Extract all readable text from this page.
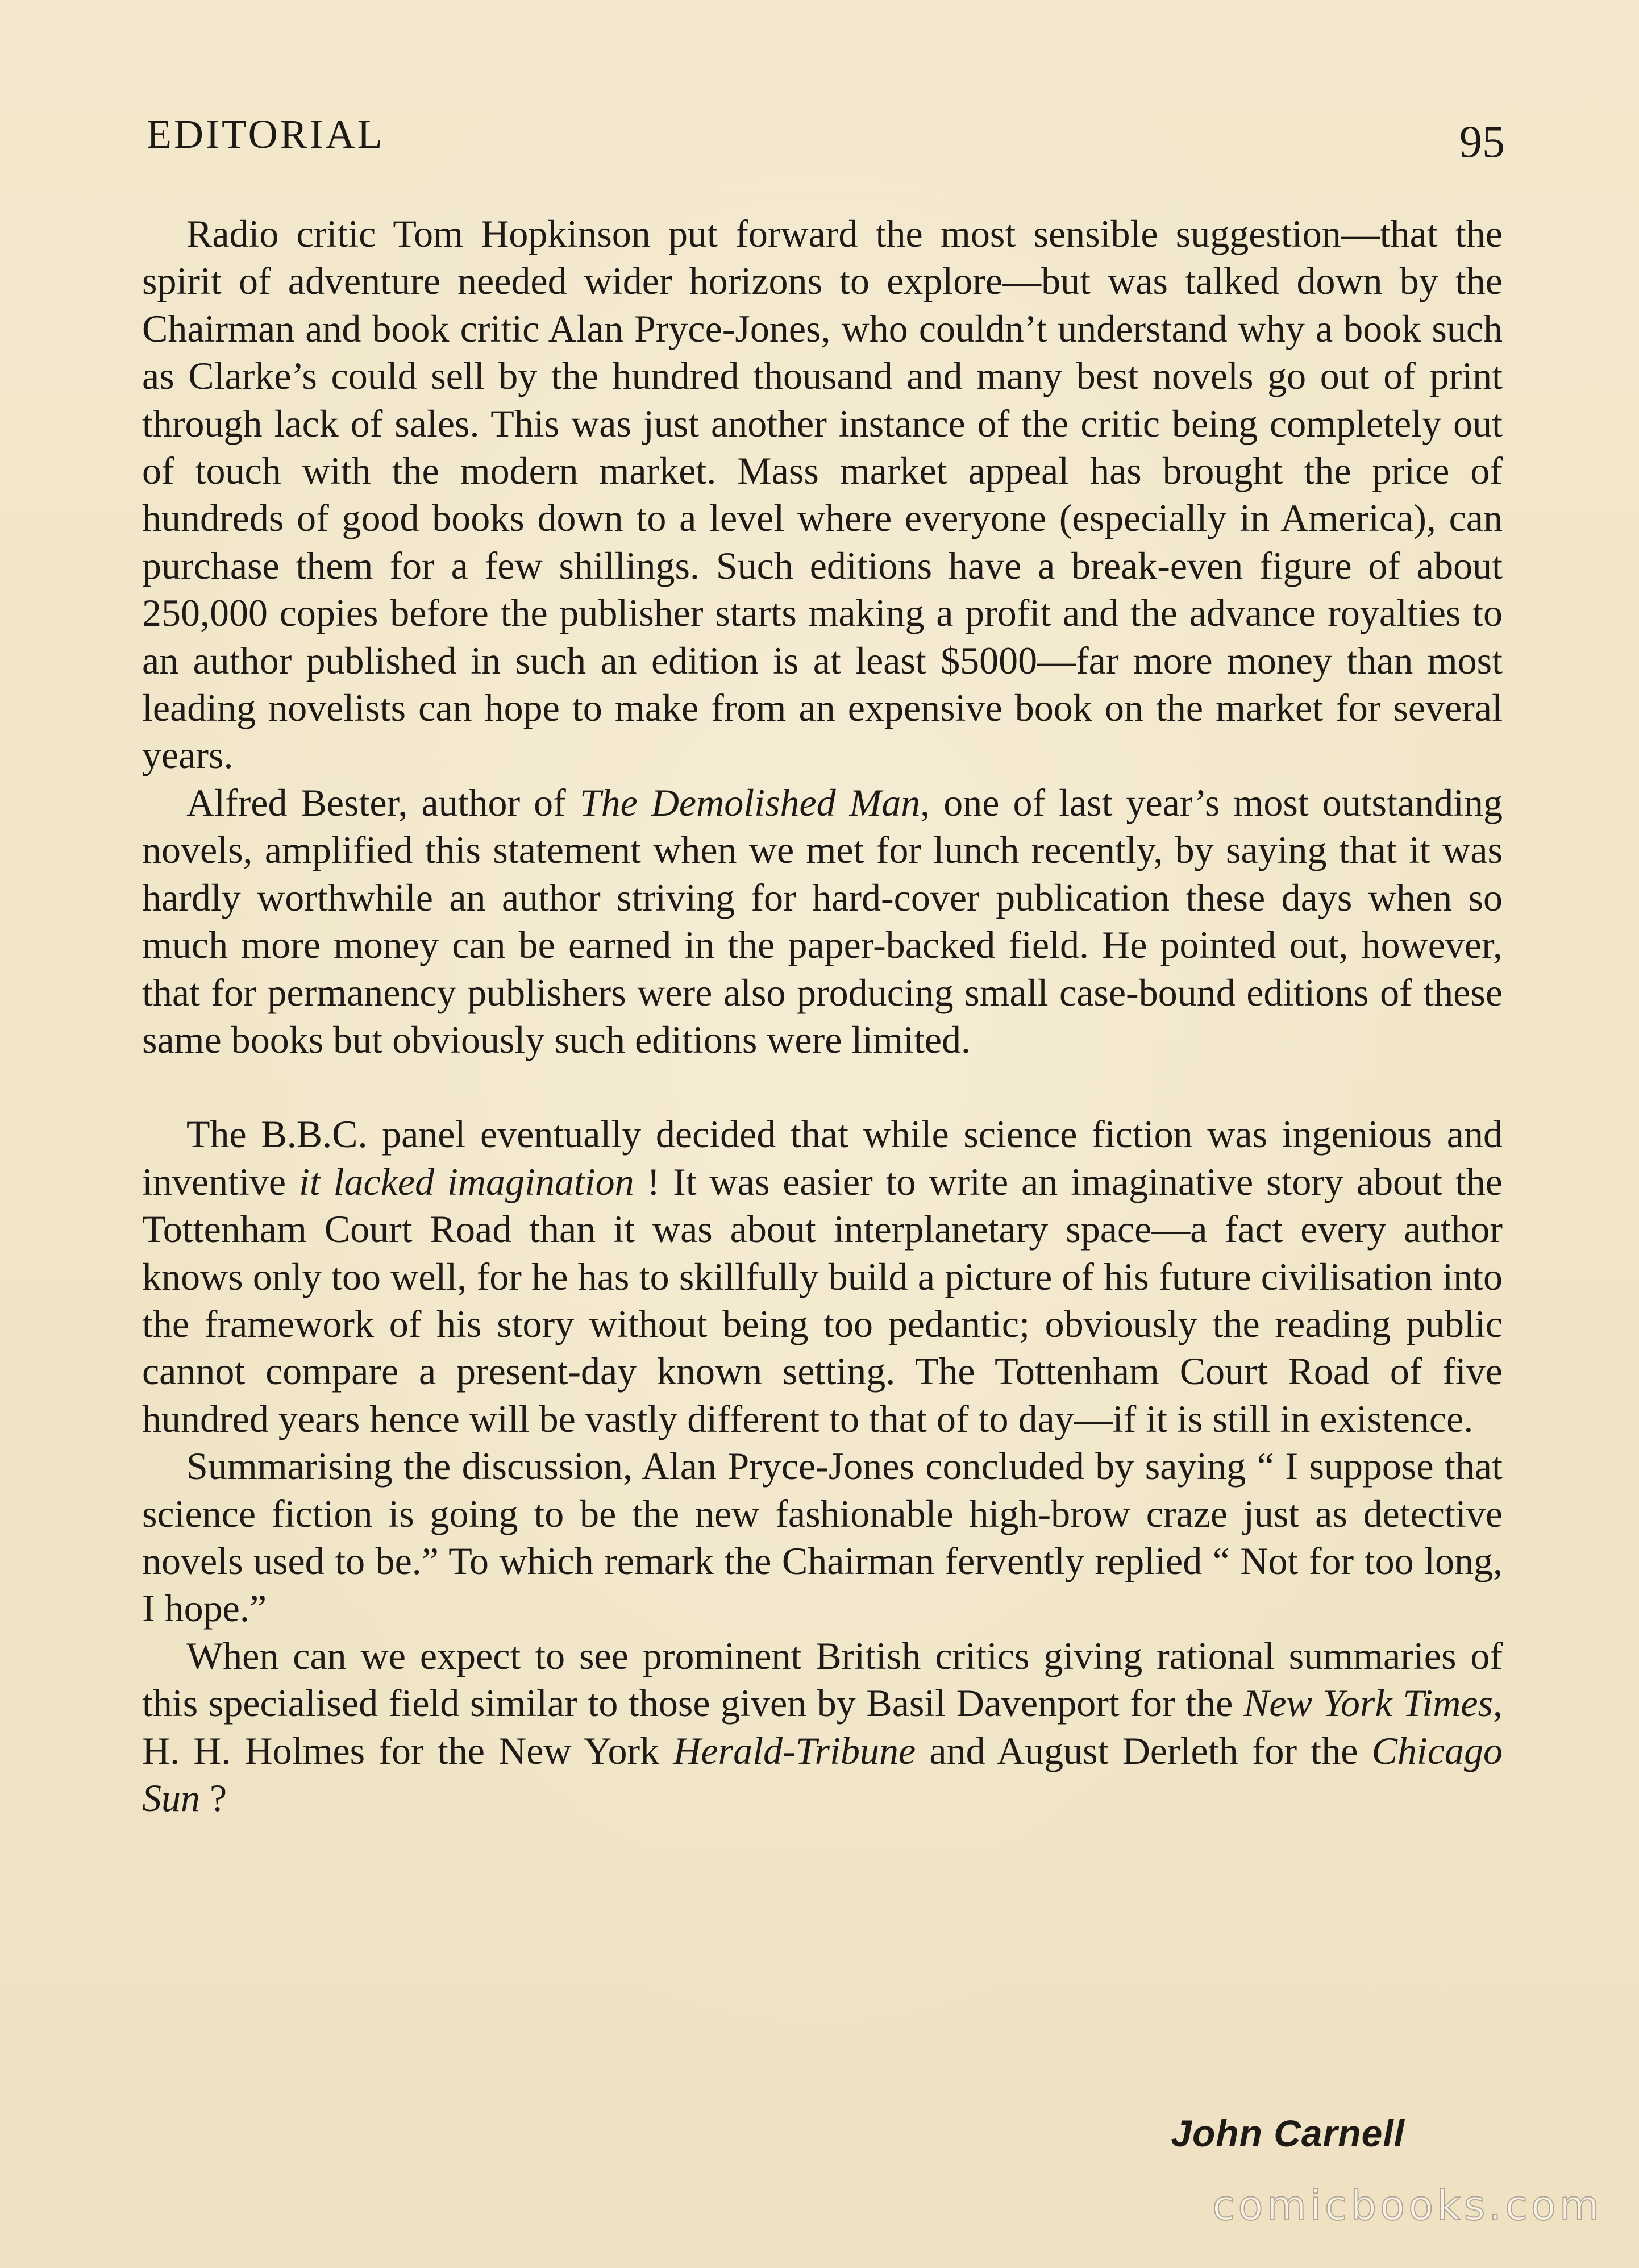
EDITORIAL	95

Radio critic Tom Hopkinson put forward the most sensible suggestion—that the spirit of adventure needed wider horizons to explore—but was talked down by the Chairman and book critic Alan Pryce-Jones, who couldn’t understand why a book such as Clarke’s could sell by the hundred thousand and many best novels go out of print through lack of sales. This was just another instance of the critic being completely out of touch with the modern market. Mass market appeal has brought the price of hundreds of good books down to a level where everyone (especially in America), can purchase them for a few shillings. Such editions have a break-even figure of about 250,000 copies before the publisher starts making a profit and the advance royalties to an author published in such an edition is at least $5000—far more money than most leading novelists can hope to make from an expensive book on the market for several years.

Alfred Bester, author of The Demolished Man, one of last year’s most outstanding novels, amplified this statement when we met for lunch recently, by saying that it was hardly worthwhile an author striving for hard-cover publication these days when so much more money can be earned in the paper-backed field. He pointed out, however, that for permanency publishers were also producing small case-bound editions of these same books but obviously such editions were limited.

The B.B.C. panel eventually decided that while science fiction was ingenious and inventive it lacked imagination ! It was easier to write an imaginative story about the Tottenham Court Road than it was about interplanetary space—a fact every author knows only too well, for he has to skillfully build a picture of his future civilisation into the framework of his story without being too pedantic; obviously the reading public cannot compare a present-day known setting. The Tottenham Court Road of five hundred years hence will be vastly different to that of to day—if it is still in existence.

Summarising the discussion, Alan Pryce-Jones concluded by saying “ I suppose that science fiction is going to be the new fashionable high-brow craze just as detective novels used to be.” To which remark the Chairman fervently replied “ Not for too long, I hope.”

When can we expect to see prominent British critics giving rational summaries of this specialised field similar to those given by Basil Davenport for the New York Times, H. H. Holmes for the New York Herald-Tribune and August Derleth for the Chicago Sun ?

John Carnell
comicbooks.com
